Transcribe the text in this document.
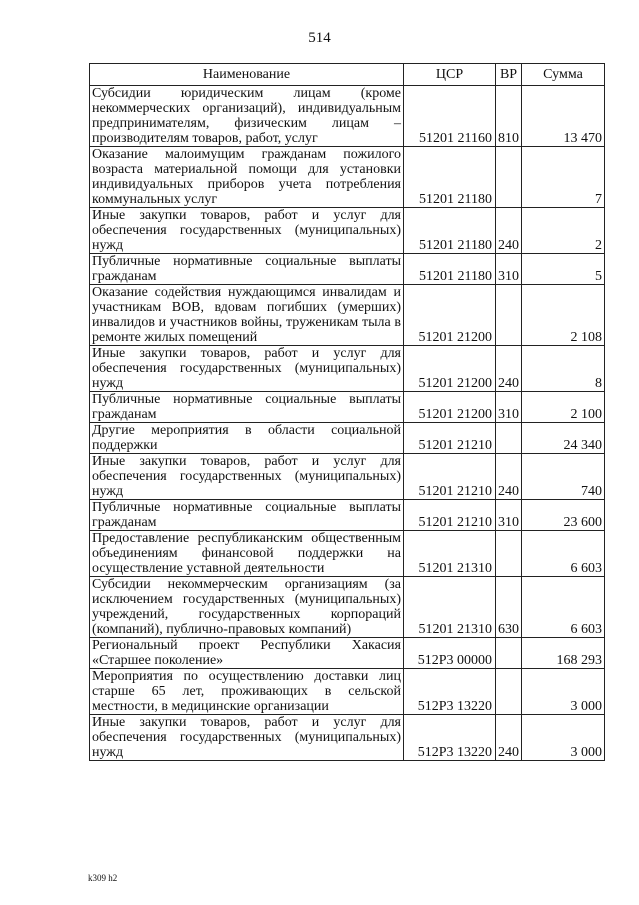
514
Наименование	ЦСР	ВР	Сумма
Субсидии юридическим лицам (кроме некоммерческих организаций), индивидуальным предпринимателям, физическим лицам – производителям товаров, работ, услуг	51201 21160	810	13 470
Оказание малоимущим гражданам пожилого возраста материальной помощи для установки индивидуальных приборов учета потребления коммунальных услуг	51201 21180		7
Иные закупки товаров, работ и услуг для обеспечения государственных (муниципальных) нужд	51201 21180	240	2
Публичные нормативные социальные выплаты гражданам	51201 21180	310	5
Оказание содействия нуждающимся инвалидам и участникам ВОВ, вдовам погибших (умерших) инвалидов и участников войны, труженикам тыла в ремонте жилых помещений	51201 21200		2 108
Иные закупки товаров, работ и услуг для обеспечения государственных (муниципальных) нужд	51201 21200	240	8
Публичные нормативные социальные выплаты гражданам	51201 21200	310	2 100
Другие мероприятия в области социальной поддержки	51201 21210		24 340
Иные закупки товаров, работ и услуг для обеспечения государственных (муниципальных) нужд	51201 21210	240	740
Публичные нормативные социальные выплаты гражданам	51201 21210	310	23 600
Предоставление республиканским общественным объединениям финансовой поддержки на осуществление уставной деятельности	51201 21310		6 603
Субсидии некоммерческим организациям (за исключением государственных (муниципальных) учреждений, государственных корпораций (компаний), публично-правовых компаний)	51201 21310	630	6 603
Региональный проект Республики Хакасия «Старшее поколение»	512P3 00000		168 293
Мероприятия по осуществлению доставки лиц старше 65 лет, проживающих в сельской местности, в медицинские организации	512P3 13220		3 000
Иные закупки товаров, работ и услуг для обеспечения государственных (муниципальных) нужд	512P3 13220	240	3 000
k309 h2
